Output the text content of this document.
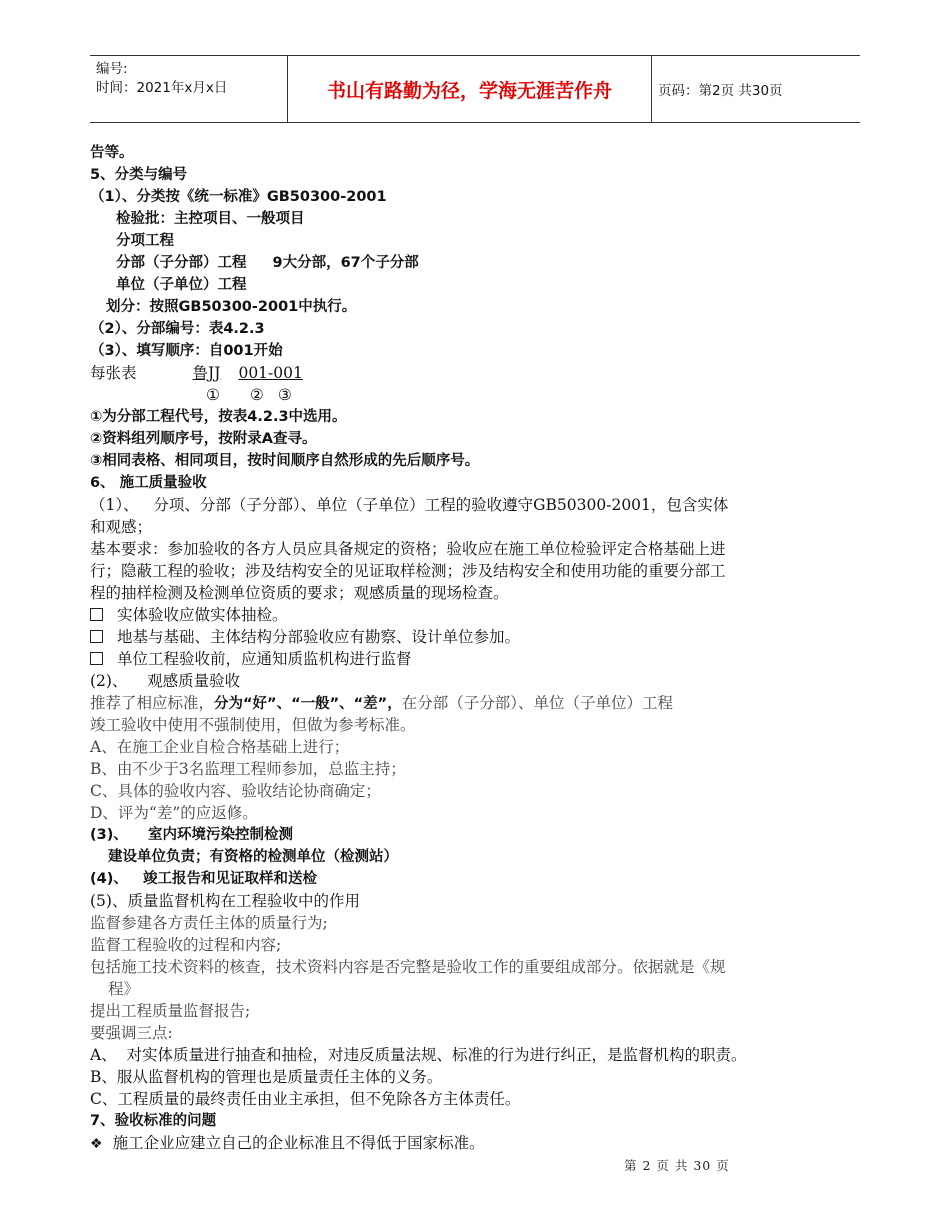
编号:
时间：2021年x月x日	书山有路勤为径，学海无涯苦作舟	页码：第2页 共30页
告等。
5、分类与编号
（1）、分类按《统一标准》GB50300-2001
检验批：主控项目、一般项目
分项工程
分部（子分部）工程 9大分部，67个子分部
单位（子单位）工程
划分：按照GB50300-2001中执行。
（2）、分部编号：表4.2.3
（3）、填写顺序：自001开始
每张表	鲁JJ 001-001
① ② ③
①为分部工程代号，按表4.2.3中选用。
②资料组列顺序号，按附录A查寻。
③相同表格、相同项目，按时间顺序自然形成的先后顺序号。
6、 施工质量验收
（1）、   分项、分部（子分部）、单位（子单位）工程的验收遵守GB50300-2001，包含实体
和观感；
基本要求：参加验收的各方人员应具备规定的资格；验收应在施工单位检验评定合格基础上进
行；隐蔽工程的验收；涉及结构安全的见证取样检测；涉及结构安全和使用功能的重要分部工
程的抽样检测及检测单位资质的要求；观感质量的现场检查。
实体验收应做实体抽检。
地基与基础、主体结构分部验收应有勘察、设计单位参加。
单位工程验收前，应通知质监机构进行监督
(2)、    观感质量验收
推荐了相应标准，分为“好”、“一般”、“差”，在分部（子分部）、单位（子单位）工程
竣工验收中使用不强制使用，但做为参考标准。
A、在施工企业自检合格基础上进行；
B、由不少于3名监理工程师参加，总监主持；
C、具体的验收内容、验收结论协商确定；
D、评为“差”的应返修。
(3)、    室内环境污染控制检测
建设单位负责；有资格的检测单位（检测站）
(4)、   竣工报告和见证取样和送检
(5)、质量监督机构在工程验收中的作用
监督参建各方责任主体的质量行为;
监督工程验收的过程和内容;
包括施工技术资料的核查，技术资料内容是否完整是验收工作的重要组成部分。依据就是《规
程》
提出工程质量监督报告;
要强调三点:
A、  对实体质量进行抽查和抽检，对违反质量法规、标准的行为进行纠正，是监督机构的职责。
B、服从监督机构的管理也是质量责任主体的义务。
C、工程质量的最终责任由业主承担，但不免除各方主体责任。
7、验收标准的问题
❖ 施工企业应建立自己的企业标准且不得低于国家标准。
第 2 页 共 30 页
